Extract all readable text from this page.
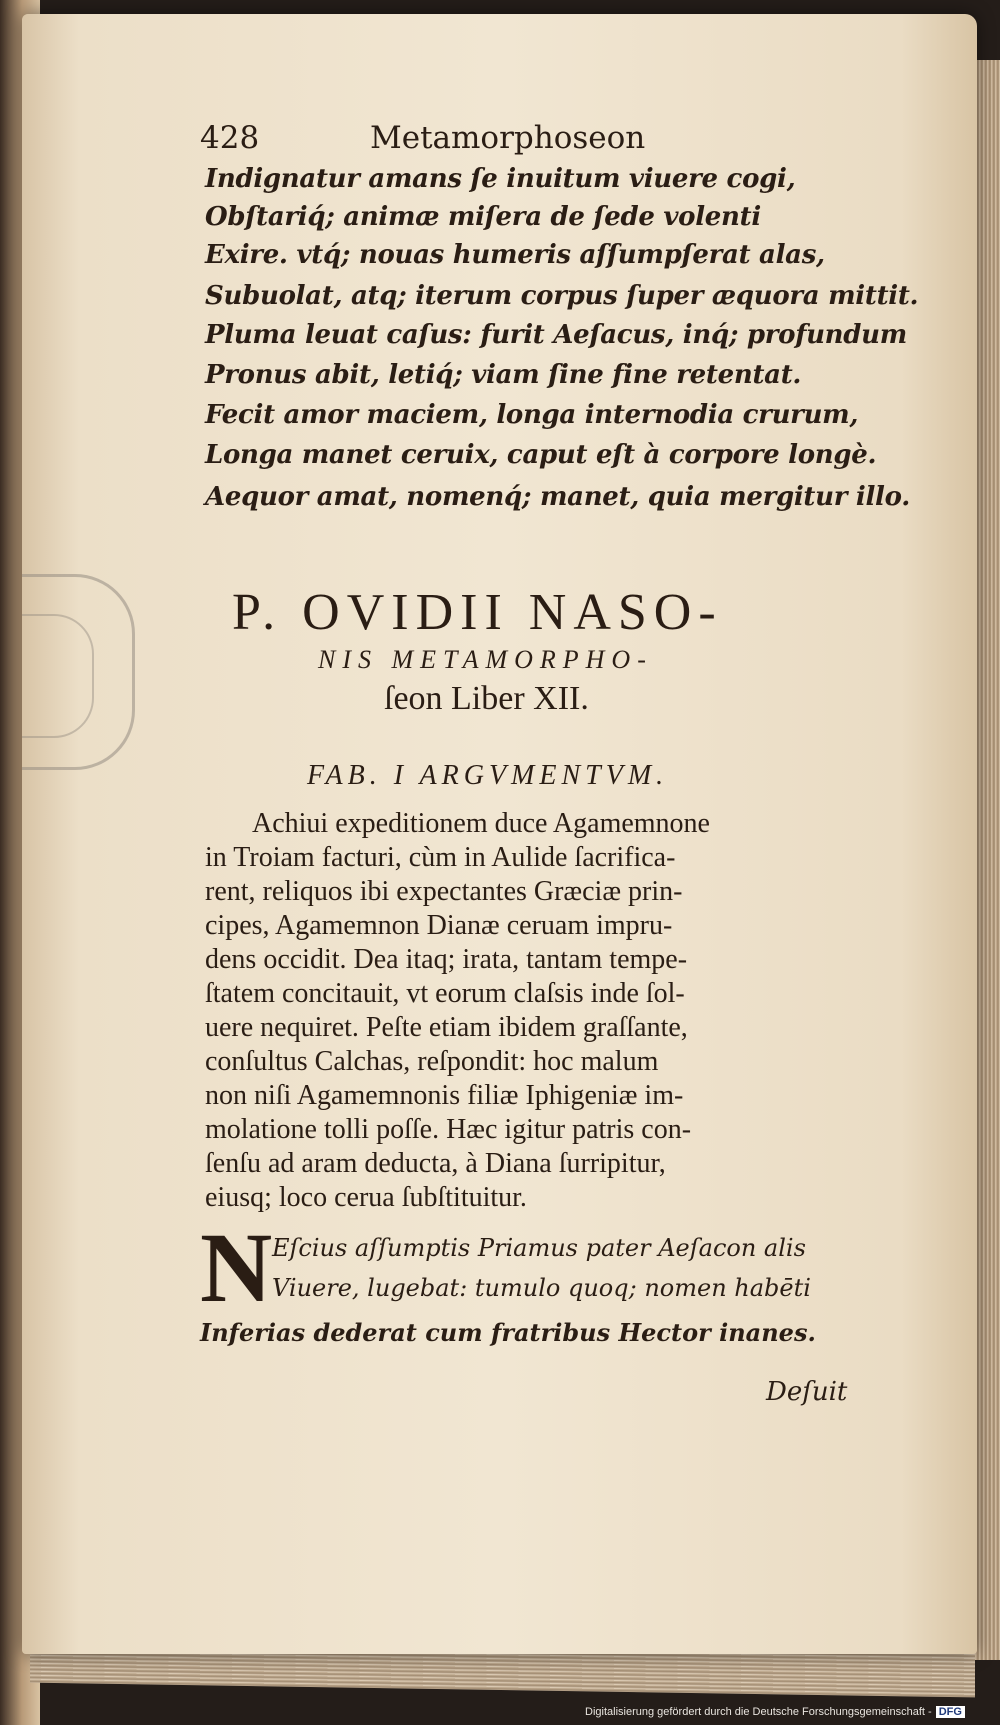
428	Metamorphoseon
Indignatur amans ſe inuitum viuere cogi,
Obſtariq́; animæ miſera de ſede volenti
Exire. vtq́; nouas humeris aſſumpſerat alas,
Subuolat, atq; iterum corpus ſuper æquora mittit.
Pluma leuat caſus: furit Aeſacus, inq́; profundum
Pronus abit, letiq́; viam ſine fine retentat.
Fecit amor maciem, longa internodia crurum,
Longa manet ceruix, caput eſt à corpore longè.
Aequor amat, nomenq́; manet, quia mergitur illo.
P. OVIDII NASO-
NIS METAMORPHO-
ſeon Liber XII.
FAB. I ARGVMENTVM.
Achiui expeditionem duce Agamemnone
in Troiam facturi, cùm in Aulide ſacrifica-
rent, reliquos ibi expectantes Græciæ prin-
cipes, Agamemnon Dianæ ceruam impru-
dens occidit. Dea itaq; irata, tantam tempe-
ſtatem concitauit, vt eorum claſsis inde ſol-
uere nequiret. Peſte etiam ibidem graſſante,
conſultus Calchas, reſpondit: hoc malum
non niſi Agamemnonis filiæ Iphigeniæ im-
molatione tolli poſſe. Hæc igitur patris con-
ſenſu ad aram deducta, à Diana ſurripitur,
eiusq; loco cerua ſubſtituitur.
N Eſcius aſſumptis Priamus pater Aeſacon alis
Viuere, lugebat: tumulo quoq; nomen habēti
Inferias dederat cum fratribus Hector inanes.
Deſuit
Digitalisierung gefördert durch die Deutsche Forschungsgemeinschaft - DFG
